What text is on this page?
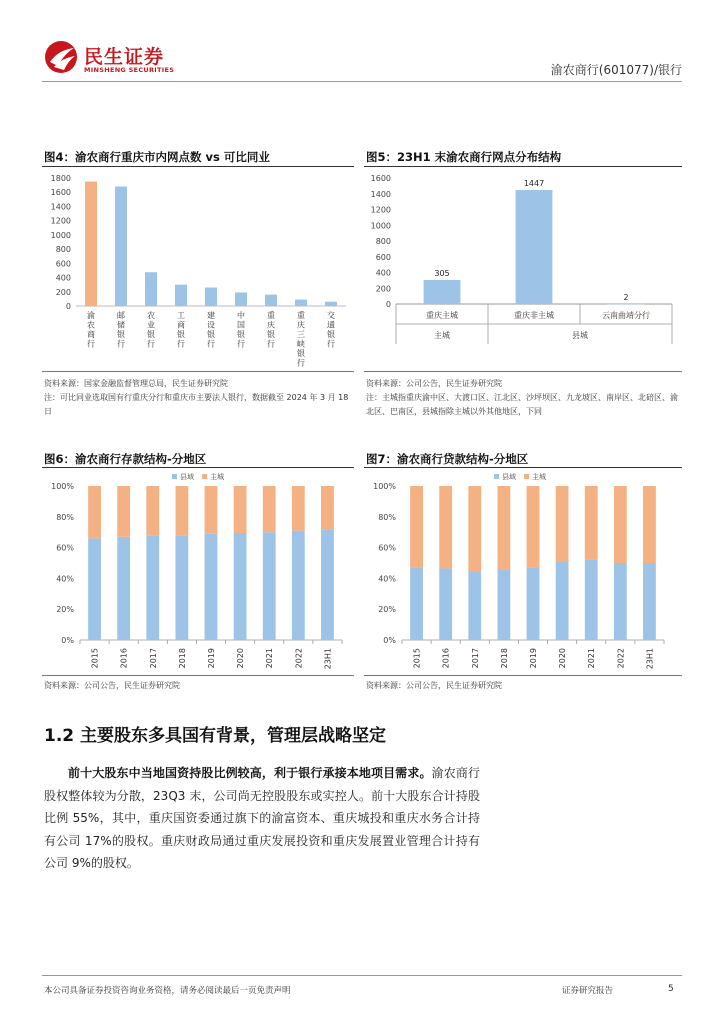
民生证券
MINSHENG SECURITIES	渝农商行(601077)/银行
图4：渝农商行重庆市内网点数 vs 可比同业
0
200
400
600
800
1000
1200
1400
1600
1800
渝农商行
邮储银行
农业银行
工商银行
建设银行
中国银行
重庆银行
重庆三峡银行
交通银行
资料来源：国家金融监督管理总局，民生证券研究院
注：可比同业选取国有行重庆分行和重庆市主要法人银行，数据截至 2024 年 3 月 18 日
图5：23H1 末渝农商行网点分布结构
0
200
400
600
800
1000
1200
1400
1600
305
重庆主城
1447
重庆非主城
2
云南曲靖分行
主城	县城
资料来源：公司公告，民生证券研究院
注：主城指重庆渝中区、大渡口区、江北区、沙坪坝区、九龙坡区、南岸区、北碚区、渝北区、巴南区，县城指除主城以外其他地区，下同
图6：渝农商行存款结构-分地区
县域 主城
0%
20%
40%
60%
80%
100%
2015	2016	2017	2018	2019	2020	2021	2022	23H1
资料来源：公司公告，民生证券研究院
图7：渝农商行贷款结构-分地区
县域 主城
0%
20%
40%
60%
80%
100%
2015	2016	2017	2018	2019	2020	2021	2022	23H1
资料来源：公司公告，民生证券研究院
1.2 主要股东多具国有背景，管理层战略坚定
前十大股东中当地国资持股比例较高，利于银行承接本地项目需求。渝农商行股权整体较为分散，23Q3 末，公司尚无控股股东或实控人。前十大股东合计持股比例 55%，其中，重庆国资委通过旗下的渝富资本、重庆城投和重庆水务合计持有公司 17%的股权。重庆财政局通过重庆发展投资和重庆发展置业管理合计持有公司 9%的股权。
本公司具备证券投资咨询业务资格，请务必阅读最后一页免责声明	证券研究报告	5
